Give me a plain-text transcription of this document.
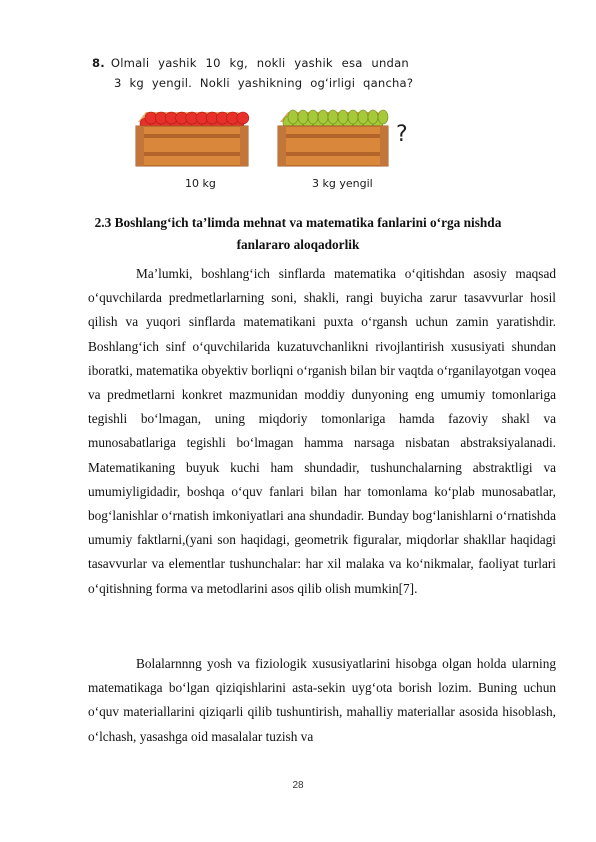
8. Olmali yashik 10 kg, nokli yashik esa undan
3 kg yengil. Nokli yashikning og‘irligi qancha?
?
10 kg	3 kg yengil
2.3 Boshlang‘ich ta’limda mehnat va matematika fanlarini o‘rga nishda
fanlararo aloqadorlik

Ma’lumki, boshlang‘ich sinflarda matematika o‘qitishdan asosiy maqsad o‘quvchilarda predmetlarlarning soni, shakli, rangi buyicha zarur tasavvurlar hosil qilish va yuqori sinflarda matematikani puxta o‘rgansh uchun zamin yaratishdir. Boshlang‘ich sinf o‘quvchilarida kuzatuvchanlikni rivojlantirish xususiyati shundan iboratki, matematika obyektiv borliqni o‘rganish bilan bir vaqtda o‘rganilayotgan voqea va predmetlarni konkret mazmunidan moddiy dunyoning eng umumiy tomonlariga tegishli bo‘lmagan, uning miqdoriy tomonlariga hamda fazoviy shakl va munosabatlariga tegishli bo‘lmagan hamma narsaga nisbatan abstraksiyalanadi. Matematikaning buyuk kuchi ham shundadir, tushunchalarning abstraktligi va umumiyligidadir, boshqa o‘quv fanlari bilan har tomonlama ko‘plab munosabatlar, bog‘lanishlar o‘rnatish imkoniyatlari ana shundadir. Bunday bog‘lanishlarni o‘rnatishda umumiy faktlarni,(yani son haqidagi, geometrik figuralar, miqdorlar shakllar haqidagi tasavvurlar va elementlar tushunchalar: har xil malaka va ko‘nikmalar, faoliyat turlari o‘qitishning forma va metodlarini asos qilib olish mumkin[7].

Bolalarnnng yosh va fiziologik xususiyatlarini hisobga olgan holda ularning matematikaga bo‘lgan qiziqishlarini asta-sekin uyg‘ota borish lozim. Buning uchun o‘quv materiallarini qiziqarli qilib tushuntirish, mahalliy materiallar asosida hisoblash, o‘lchash, yasashga oid masalalar tuzish va

28
